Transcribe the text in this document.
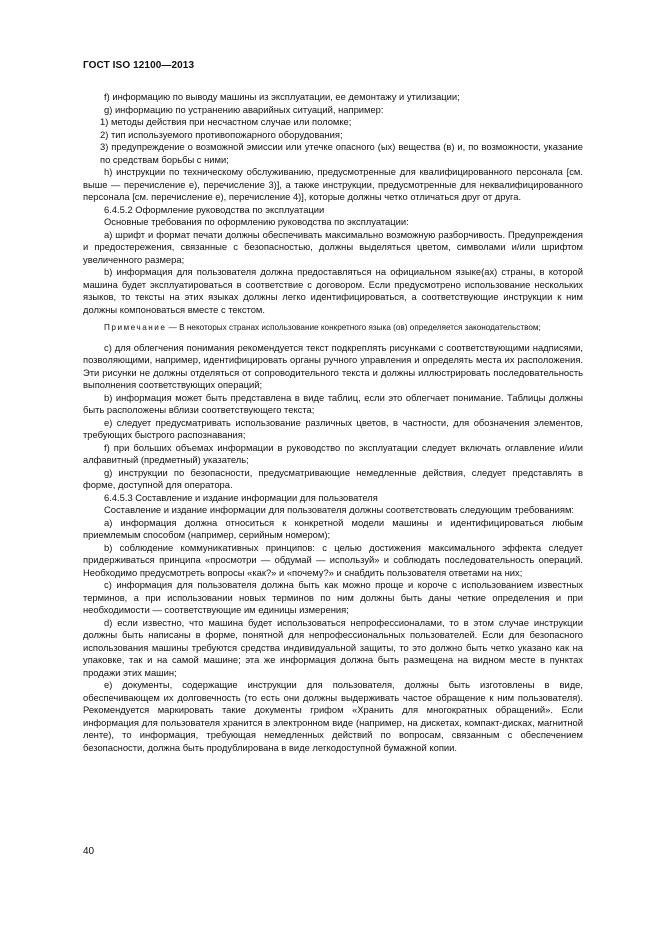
ГОСТ ISO 12100—2013

f) информацию по выводу машины из эксплуатации, ее демонтажу и утилизации;

g) информацию по устранению аварийных ситуаций, например:

1) методы действия при несчастном случае или поломке;

2) тип используемого противопожарного оборудования;

3) предупреждение о возможной эмиссии или утечке опасного (ых) вещества (в) и, по возможности, указание по средствам борьбы с ними;

h) инструкции по техническому обслуживанию, предусмотренные для квалифицированного персонала [см. выше — перечисление е), перечисление 3)], а также инструкции, предусмотренные для неквалифицированного персонала [см. перечисление е), перечисление 4)], которые должны четко отличаться друг от друга.

6.4.5.2 Оформление руководства по эксплуатации

Основные требования по оформлению руководства по эксплуатации:

a) шрифт и формат печати должны обеспечивать максимально возможную разборчивость. Предупреждения и предостережения, связанные с безопасностью, должны выделяться цветом, символами и/или шрифтом увеличенного размера;

b) информация для пользователя должна предоставляться на официальном языке(ах) страны, в которой машина будет эксплуатироваться в соответствие с договором. Если предусмотрено использование нескольких языков, то тексты на этих языках должны легко идентифицироваться, а соответствующие инструкции к ним должны компоноваться вместе с текстом.

Примечание — В некоторых странах использование конкретного языка (ов) определяется законодательством;

c) для облегчения понимания рекомендуется текст подкреплять рисунками с соответствующими надписями, позволяющими, например, идентифицировать органы ручного управления и определять места их расположения. Эти рисунки не должны отделяться от сопроводительного текста и должны иллюстрировать последовательность выполнения соответствующих операций;

b) информация может быть представлена в виде таблиц, если это облегчает понимание. Таблицы должны быть расположены вблизи соответствующего текста;

e) следует предусматривать использование различных цветов, в частности, для обозначения элементов, требующих быстрого распознавания;

f) при больших объемах информации в руководство по эксплуатации следует включать оглавление и/или алфавитный (предметный) указатель;

g) инструкции по безопасности, предусматривающие немедленные действия, следует представлять в форме, доступной для оператора.

6.4.5.3 Составление и издание информации для пользователя

Составление и издание информации для пользователя должны соответствовать следующим требованиям:

a) информация должна относиться к конкретной модели машины и идентифицироваться любым приемлемым способом (например, серийным номером);

b) соблюдение коммуникативных принципов: с целью достижения максимального эффекта следует придерживаться принципа «просмотри — обдумай — используй» и соблюдать последовательность операций. Необходимо предусмотреть вопросы «как?» и «почему?» и снабдить пользователя ответами на них;

c) информация для пользователя должна быть как можно проще и короче с использованием известных терминов, а при использовании новых терминов по ним должны быть даны четкие определения и при необходимости — соответствующие им единицы измерения;

d) если известно, что машина будет использоваться непрофессионалами, то в этом случае инструкции должны быть написаны в форме, понятной для непрофессиональных пользователей. Если для безопасного использования машины требуются средства индивидуальной защиты, то это должно быть четко указано как на упаковке, так и на самой машине; эта же информация должна быть размещена на видном месте в пунктах продажи этих машин;

e) документы, содержащие инструкции для пользователя, должны быть изготовлены в виде, обеспечивающем их долговечность (то есть они должны выдерживать частое обращение к ним пользователя). Рекомендуется маркировать такие документы грифом «Хранить для многократных обращений». Если информация для пользователя хранится в электронном виде (например, на дискетах, компакт-дисках, магнитной ленте), то информация, требующая немедленных действий по вопросам, связанным с обеспечением безопасности, должна быть продублирована в виде легкодоступной бумажной копии.

40
